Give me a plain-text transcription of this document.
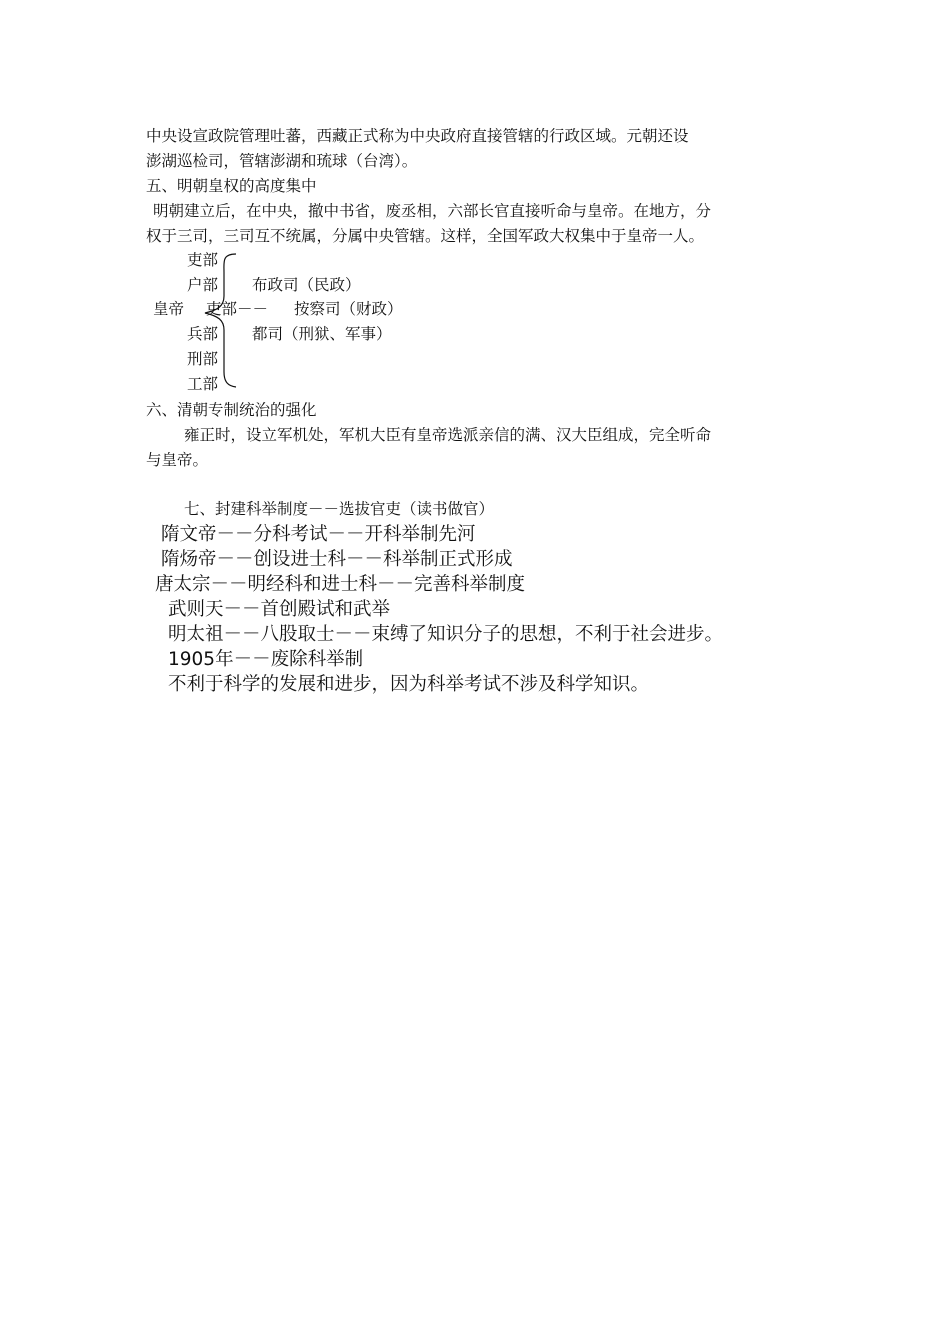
中央设宣政院管理吐蕃，西藏正式称为中央政府直接管辖的行政区域。元朝还设
澎湖巡检司，管辖澎湖和琉球（台湾）。
五、明朝皇权的高度集中
明朝建立后，在中央，撤中书省，废丞相，六部长官直接听命与皇帝。在地方，分
权于三司，三司互不统属，分属中央管辖。这样，全国军政大权集中于皇帝一人。
吏部
户部 布政司（民政）
皇帝 吏部－－ 按察司（财政）
兵部 都司（刑狱、军事）
刑部
工部
六、清朝专制统治的强化
雍正时，设立军机处，军机大臣有皇帝选派亲信的满、汉大臣组成，完全听命
与皇帝。
七、封建科举制度－－选拔官吏（读书做官）
隋文帝－－分科考试－－开科举制先河
隋炀帝－－创设进士科－－科举制正式形成
唐太宗－－明经科和进士科－－完善科举制度
武则天－－首创殿试和武举
明太祖－－八股取士－－束缚了知识分子的思想，不利于社会进步。
1905年－－废除科举制
不利于科学的发展和进步，因为科举考试不涉及科学知识。
